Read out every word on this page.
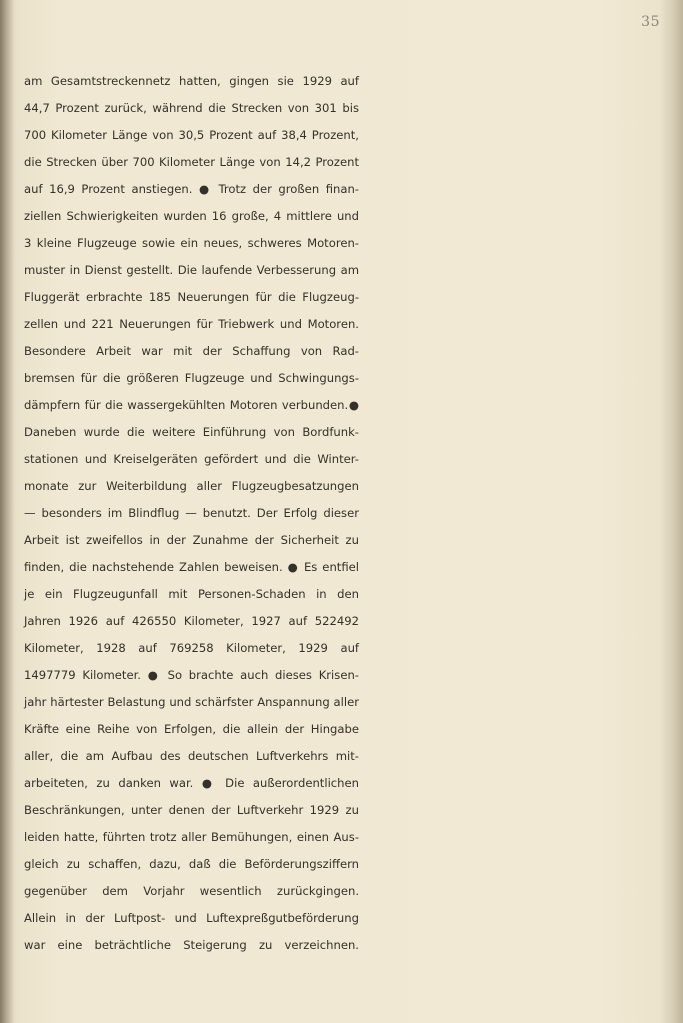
35
am Gesamtstreckennetz hatten, gingen sie 1929 auf
44,7 Prozent zurück, während die Strecken von 301 bis
700 Kilometer Länge von 30,5 Prozent auf 38,4 Prozent,
die Strecken über 700 Kilometer Länge von 14,2 Prozent
auf 16,9 Prozent anstiegen. ● Trotz der großen finan-
ziellen Schwierigkeiten wurden 16 große, 4 mittlere und
3 kleine Flugzeuge sowie ein neues, schweres Motoren-
muster in Dienst gestellt. Die laufende Verbesserung am
Fluggerät erbrachte 185 Neuerungen für die Flugzeug-
zellen und 221 Neuerungen für Triebwerk und Motoren.
Besondere Arbeit war mit der Schaffung von Rad-
bremsen für die größeren Flugzeuge und Schwingungs-
dämpfern für die wassergekühlten Motoren verbunden.●
Daneben wurde die weitere Einführung von Bordfunk-
stationen und Kreiselgeräten gefördert und die Winter-
monate zur Weiterbildung aller Flugzeugbesatzungen
— besonders im Blindflug — benutzt. Der Erfolg dieser
Arbeit ist zweifellos in der Zunahme der Sicherheit zu
finden, die nachstehende Zahlen beweisen. ● Es entfiel
je ein Flugzeugunfall mit Personen-Schaden in den
Jahren 1926 auf 426550 Kilometer, 1927 auf 522492
Kilometer, 1928 auf 769258 Kilometer, 1929 auf
1497779 Kilometer. ● So brachte auch dieses Krisen-
jahr härtester Belastung und schärfster Anspannung aller
Kräfte eine Reihe von Erfolgen, die allein der Hingabe
aller, die am Aufbau des deutschen Luftverkehrs mit-
arbeiteten, zu danken war. ● Die außerordentlichen
Beschränkungen, unter denen der Luftverkehr 1929 zu
leiden hatte, führten trotz aller Bemühungen, einen Aus-
gleich zu schaffen, dazu, daß die Beförderungsziffern
gegenüber dem Vorjahr wesentlich zurückgingen.
Allein in der Luftpost- und Luftexpreßgutbeförderung
war eine beträchtliche Steigerung zu verzeichnen.
